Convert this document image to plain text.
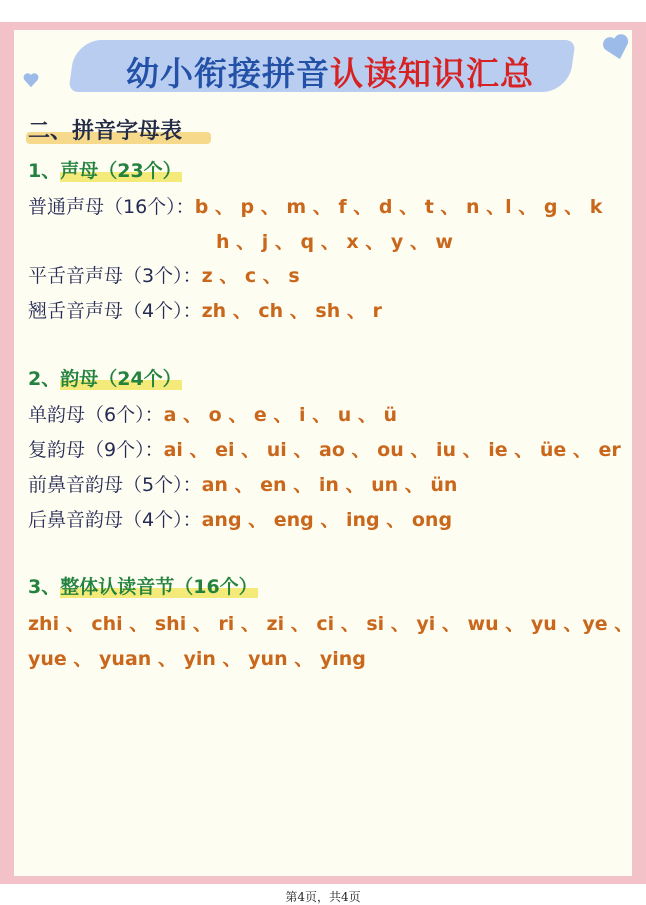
幼小衔接拼音认读知识汇总
二、拼音字母表
1、声母（23个）
普通声母（16个）：b 、 p 、 m 、 f 、 d 、 t 、 n 、l 、 g 、 k
h 、 j 、 q 、 x 、 y 、 w
平舌音声母（3个）：z 、 c 、 s
翘舌音声母（4个）：zh 、 ch 、 sh 、 r
2、韵母（24个）
单韵母（6个）：a 、 o 、 e 、 i 、 u 、 ü
复韵母（9个）：ai 、 ei 、 ui 、 ao 、 ou 、 iu 、 ie 、 üe 、 er
前鼻音韵母（5个）：an 、 en 、 in 、 un 、 ün
后鼻音韵母（4个）：ang 、 eng 、 ing 、 ong
3、整体认读音节（16个）
zhi 、 chi 、 shi 、 ri 、 zi 、 ci 、 si 、 yi 、 wu 、 yu 、ye 、
yue 、 yuan 、 yin 、 yun 、 ying
第4页，共4页
